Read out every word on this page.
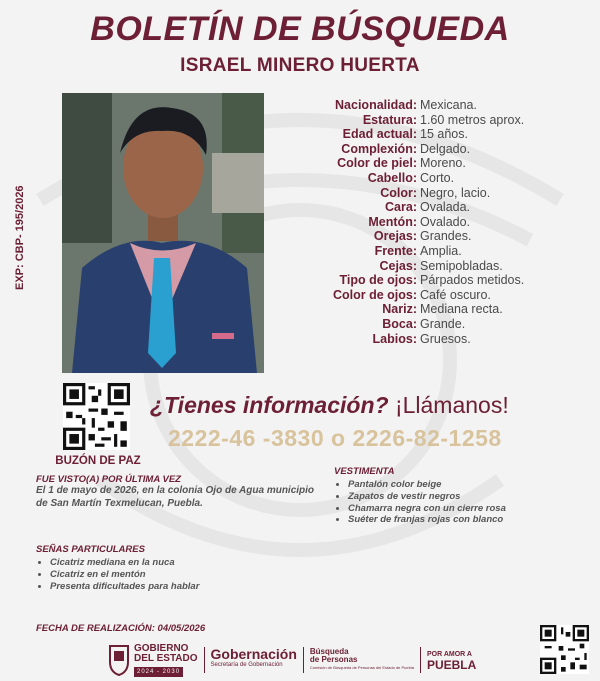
BOLETÍN DE BÚSQUEDA
ISRAEL MINERO HUERTA
EXP: CBP- 195/2026
Nacionalidad: Mexicana.
Estatura: 1.60 metros aprox.
Edad actual: 15 años.
Complexión: Delgado.
Color de piel: Moreno.
Cabello: Corto.
Color: Negro, lacio.
Cara: Ovalada.
Mentón: Ovalado.
Orejas: Grandes.
Frente: Amplia.
Cejas: Semipobladas.
Tipo de ojos: Párpados metidos.
Color de ojos: Café oscuro.
Nariz: Mediana recta.
Boca: Grande.
Labios: Gruesos.
BUZÓN DE PAZ
¿Tienes información? ¡Llámanos!
2222-46 -3830 o 2226-82-1258
FUE VISTO(A) POR ÚLTIMA VEZ
El 1 de mayo de 2026, en la colonia Ojo de Agua municipio de San Martín Texmelucan, Puebla.
VESTIMENTA
• Pantalón color beige
• Zapatos de vestir negros
• Chamarra negra con un cierre rosa
• Suéter de franjas rojas con blanco
SEÑAS PARTICULARES
• Cicatriz mediana en la nuca
• Cicatriz en el mentón
• Presenta dificultades para hablar
FECHA DE REALIZACIÓN: 04/05/2026
GOBIERNO
DEL ESTADO
2024 - 2030
Gobernación
Secretaría de Gobernación
Búsqueda
de Personas
Comisión de Búsqueda de Personas del Estado de Puebla
POR AMOR A
PUEBLA
